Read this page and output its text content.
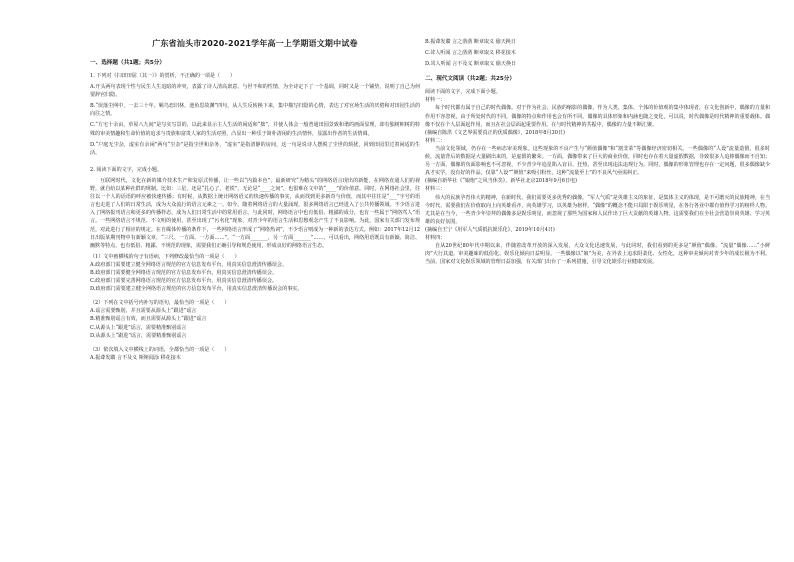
广东省汕头市2020-2021学年高一上学期语文期中试卷

一、选择题（共1题；共5分）

1. 下列对《扫田田屈（其一）》的赏析，不正确的一项是（　　）

A.开头两句表现个性与民生人生追暗的冲突，表露了诗人清高禀意、与世不和的性情，为全诗定下了一个基调，同时又是一个铺垫，说明了自己为何要辞官归隐。

B.“误落尘网中，一去三十年。羁鸟恋旧林，池鱼思故渊”四句，从人生反转换下来，集中描写归隐的心情，表达了对官场生活的厌倦和对田园生活的向往之情。

C.“方宅十余亩，草屋八九间”是写实写景的，以此来显示主人生活的闲适和“拙”，并使人体会一般普通田园景致和谐的画面显理，却有独树帜树的特殊的审美情趣和生命价值的追求与贵族和富贵人家的生活对照，凸显出一种乐于简朴清闲的生活情怀，显露出作者的生活情调。

D.“户庭无尘杂，虚室有余闲”两句“尘杂”是指尘世和杂务，“虚室”是指清静的房间，这一句是说诗人摆脱了尘世的烦扰，回到田园里过着闲适的生活。

2. 阅读下面的文字，完成小题。

互联网时代，文化在新的媒介技术生产和复原式传播，让一些以“内篇本色”，最新研究“为精头”的网络语言现出的新能，在网络直通人们的视野，就自给以某种社群的规制。比如：三星，还是“扎心了，老铁”，无论是“____之间”，也很难在文中的“____”的价值意。同时，在网络社会里，往往以一个人的话语的呼应被快速传播；有时候，从数据上统计网络语义的快速传播的事实，从而找到更多新奇与价值，而其中往往是“___”字号的语言也走进了人们的日常生活，成为大众流行的语言元素之一。如今，随着网络语言的大量涌现，很多网络语言已经进入了公共传播领域。不少语言进入了网络报刊语言和更多的传播样态，成为人们日常生活中的常用语言。与此同时，网络语言中也有低俗、粗鄙的成分，也有一些属于“网络骂人”语言。一些网络语言不规范、不文明的使用，甚至出现了“污名化”现象，对青少年的语言生活和思想观念产生了不良影响。为此，国家有关部门发布规范，对此进行了相应的规定。在自媒体传播的条件下，一些网络语言形成了“网络热词”，不少语言则成为一种新的表达方式。例如：2017年12月12日出版某期刊物中有新颖文章，“三尺、一方面、一方面……”，“一方面_______，另一方面_______”……，可以看出，网络用语既具有新颖、简洁、幽默等特点，也有低俗、粗鄙、不规范的现象，需要我们正确引导和规范使用，形成良好的网络语言生态。

（1）文中画横线的句子有语病，下列修改最恰当的一项是（　　）

A.政府部门需要建立健全网络语言规范的官方信息发布平台，用真实信息澄清传播误会。

B.政府部门需要健全网络语言规范的官方信息发布平台，用真实信息澄清传播误会。

C.政府部门需要完善网络语言规范的官方信息发布平台，用真实信息澄清传播误会。

D.政府部门需要建立健全网络语言规范的官方信息发布平台，用真实信息澄清传播误会的事实。

（2）下列在文中括号内补写的语句，最恰当的一项是（　　）

A.谣言需要甄别，并且需要从源头上“跟进”谣言

B.精准甄别谣言有效，而且需要从源头上“跟进”谣言

C.从源头上“跟进”谣言，需要精准甄别谣言

D.从源头上“跟进”谣言，需要精准甄别谣言

（3）依次填入文中横线上的词语，全都恰当的一项是（　　）

A.振聋发聩 言不及义 斯斯闻涂 移花接木

B.振聋发聩 言之凿凿 断章取义 偷天换日

C.耸人听闻 言之凿凿 断章取义 移花接木

D.耸人听闻 言不及义 断章取义 偷天换日

二、现代文阅读（共2题；共25分）

阅读下面的文字，完成下面小题。

材料一：

每个时代都有属于自己的时代偶像。对于作为社会、民族的缩影的偶像，作为人类、集体、个体的价值观的集中体现者，在文化创新中，偶像的力量和作用不容忽视，由于所处时代的不同，偶像的特点和作用也会有所不同，偶像的具体形象和内涵也随之变化，可以说，时代偶像是时代精神的重要载体。偶像不仅在个人层面起作用，而且在社会层面起重要作用。在与时代精神的共振中，偶像的力量不断汇聚。

(摘编自陈洪《文艺界需要真正的优质偶像》，2018年8月30日)

材料二：

当前文化领域，仍存在一些病态审美现象。这些现象的不良产生与“颜值偶像”和“割韭菜”等偶像经济密切相关。一些偶像的“人设”流量造假，很多时候，流量背后的数据是大量刷出来的，是虚假的繁荣。一方面，偶像带来了巨大的商业价值，同时也存在着大量虚假数据，导致很多人追捧偶像而不自知；另一方面，偶像的负面影响也不可忽视，不少青少年追星陷入盲目、狂热，甚至出现违法违规行为。同时，偶像的形象管理也存在一定问题，很多偶像缺少真才实学，没有好的作品，仅靠“人设”“颜值”来吸引粉丝，这种“流量至上”的不良风气亟需纠正。

(摘编自新华社《“娘炮”之风当休矣》，新华社北京2018年9月6日电)

材料三：

伟大的民族孕育伟大的精神，在新时代，我们需要更多优秀的偶像，“军人气质”是英雄主义的象征，是集体主义的体现，是不可磨灭的民族精神。在当今时代，需要我们在价值取向上向英雄看齐，向英雄学习，以英雄为榜样。“偶像”的概念不能只局限于娱乐明星，在各行各业中都有值得学习的榜样人物。尤其是在当今，一些青少年崇拜的偶像多是娱乐明星，而忽视了那些为国家和人民作出了巨大贡献的英雄人物。这需要我们在全社会营造崇尚英雄、学习英雄的良好氛围。

(摘编自王宁《用军人气质抵抗娱乐化》，2019年10月4日)

材料四：

自从20世纪80年代中期以来，伴随着改革开放的深入发展，大众文化迅速发展，与此同时，我们看到的更多是“颜值”偶像、“流量”偶像……“小鲜肉”大行其道，审美趣味的低俗化、娱乐化倾向日益明显。一些偶像以“娘”为美，在外表上追求阴柔化、女性化，这种审美倾向对青少年的成长极为不利。当前，国家对文化娱乐领域的管理日益加强，有关部门出台了一系列措施，引导文化娱乐行业健康发展。
